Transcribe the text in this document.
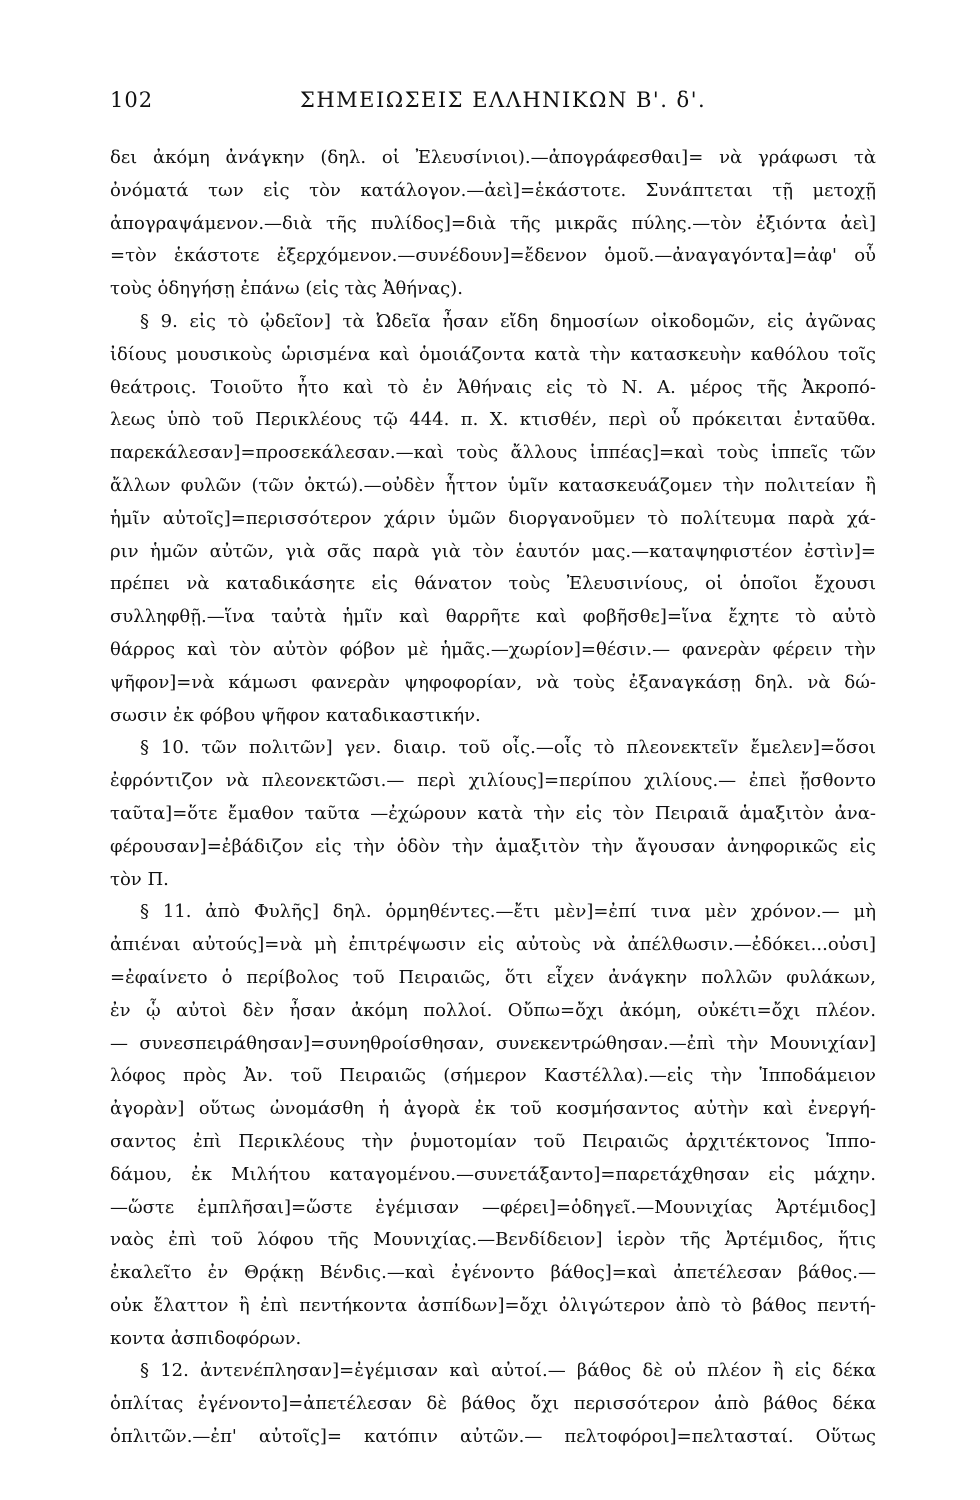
102	ΣΗΜΕΙΩΣΕΙΣ ΕΛΛΗΝΙΚΩΝ Β'. δ'.
δει ἀκόμη ἀνάγκην (δηλ. οἱ Ἐλευσίνιοι).—ἀπογράφεσθαι]= νὰ γράφωσι τὰ
ὀνόματά των εἰς τὸν κατάλογον.—ἀεὶ]=ἑκάστοτε. Συνάπτεται τῇ μετοχῇ
ἀπογραψάμενον.—διὰ τῆς πυλίδος]=διὰ τῆς μικρᾶς πύλης.—τὸν ἐξιόντα ἀεὶ]
=τὸν ἑκάστοτε ἐξερχόμενον.—συνέδουν]=ἔδενον ὁμοῦ.—ἀναγαγόντα]=ἀφ' οὗ
τοὺς ὁδηγήσῃ ἐπάνω (εἰς τὰς Ἀθήνας).
§ 9. εἰς τὸ ᾠδεῖον] τὰ Ὠδεῖα ἦσαν εἴδη δημοσίων οἰκοδομῶν, εἰς ἀγῶνας
ἰδίους μουσικοὺς ὡρισμένα καὶ ὁμοιάζοντα κατὰ τὴν κατασκευὴν καθόλου τοῖς
θεάτροις. Τοιοῦτο ἦτο καὶ τὸ ἐν Ἀθήναις εἰς τὸ Ν. Α. μέρος τῆς Ἀκροπό-
λεως ὑπὸ τοῦ Περικλέους τῷ 444. π. Χ. κτισθέν, περὶ οὗ πρόκειται ἐνταῦθα.
παρεκάλεσαν]=προσεκάλεσαν.—καὶ τοὺς ἄλλους ἱππέας]=καὶ τοὺς ἱππεῖς τῶν
ἄλλων φυλῶν (τῶν ὀκτώ).—οὐδὲν ἧττον ὑμῖν κατασκευάζομεν τὴν πολιτείαν ἢ
ἡμῖν αὐτοῖς]=περισσότερον χάριν ὑμῶν διοργανοῦμεν τὸ πολίτευμα παρὰ χά-
ριν ἡμῶν αὐτῶν, γιὰ σᾶς παρὰ γιὰ τὸν ἑαυτόν μας.—καταψηφιστέον ἐστὶν]=
πρέπει νὰ καταδικάσητε εἰς θάνατον τοὺς Ἐλευσινίους, οἱ ὁποῖοι ἔχουσι
συλληφθῇ.—ἵνα ταὐτὰ ἡμῖν καὶ θαρρῆτε καὶ φοβῆσθε]=ἵνα ἔχητε τὸ αὐτὸ
θάρρος καὶ τὸν αὐτὸν φόβον μὲ ἡμᾶς.—χωρίον]=θέσιν.— φανερὰν φέρειν τὴν
ψῆφον]=νὰ κάμωσι φανερὰν ψηφοφορίαν, νὰ τοὺς ἐξαναγκάσῃ δηλ. νὰ δώ-
σωσιν ἐκ φόβου ψῆφον καταδικαστικήν.
§ 10. τῶν πολιτῶν] γεν. διαιρ. τοῦ οἷς.—οἷς τὸ πλεονεκτεῖν ἔμελεν]=ὅσοι
ἐφρόντιζον νὰ πλεονεκτῶσι.— περὶ χιλίους]=περίπου χιλίους.— ἐπεὶ ᾔσθοντο
ταῦτα]=ὅτε ἔμαθον ταῦτα —ἐχώρουν κατὰ τὴν εἰς τὸν Πειραιᾶ ἁμαξιτὸν ἀνα-
φέρουσαν]=ἐβάδιζον εἰς τὴν ὁδὸν τὴν ἁμαξιτὸν τὴν ἄγουσαν ἀνηφορικῶς εἰς
τὸν Π.
§ 11. ἀπὸ Φυλῆς] δηλ. ὁρμηθέντες.—ἔτι μὲν]=ἐπί τινα μὲν χρόνον.— μὴ
ἀπιέναι αὐτούς]=νὰ μὴ ἐπιτρέψωσιν εἰς αὐτοὺς νὰ ἀπέλθωσιν.—ἐδόκει...οὐσι]
=ἐφαίνετο ὁ περίβολος τοῦ Πειραιῶς, ὅτι εἶχεν ἀνάγκην πολλῶν φυλάκων,
ἐν ᾧ αὐτοὶ δὲν ἦσαν ἀκόμη πολλοί. Οὔπω=ὄχι ἀκόμη, οὐκέτι=ὄχι πλέον.
— συνεσπειράθησαν]=συνηθροίσθησαν, συνεκεντρώθησαν.—ἐπὶ τὴν Μουνιχίαν]
λόφος πρὸς Ἀν. τοῦ Πειραιῶς (σήμερον Καστέλλα).—εἰς τὴν Ἱπποδάμειον
ἀγορὰν] οὕτως ὠνομάσθη ἡ ἀγορὰ ἐκ τοῦ κοσμήσαντος αὐτὴν καὶ ἐνεργή-
σαντος ἐπὶ Περικλέους τὴν ῥυμοτομίαν τοῦ Πειραιῶς ἀρχιτέκτονος Ἱππο-
δάμου, ἐκ Μιλήτου καταγομένου.—συνετάξαντο]=παρετάχθησαν εἰς μάχην.
—ὥστε ἐμπλῆσαι]=ὥστε ἐγέμισαν —φέρει]=ὁδηγεῖ.—Μουνιχίας Ἀρτέμιδος]
ναὸς ἐπὶ τοῦ λόφου τῆς Μουνιχίας.—Βενδίδειον] ἱερὸν τῆς Ἀρτέμιδος, ἥτις
ἐκαλεῖτο ἐν Θρᾴκῃ Βένδις.—καὶ ἐγένοντο βάθος]=καὶ ἀπετέλεσαν βάθος.—
οὐκ ἔλαττον ἢ ἐπὶ πεντήκοντα ἀσπίδων]=ὄχι ὀλιγώτερον ἀπὸ τὸ βάθος πεντή-
κοντα ἀσπιδοφόρων.
§ 12. ἀντενέπλησαν]=ἐγέμισαν καὶ αὐτοί.— βάθος δὲ οὐ πλέον ἢ εἰς δέκα
ὁπλίτας ἐγένοντο]=ἀπετέλεσαν δὲ βάθος ὄχι περισσότερον ἀπὸ βάθος δέκα
ὁπλιτῶν.—ἐπ' αὐτοῖς]= κατόπιν αὐτῶν.— πελτοφόροι]=πελτασταί. Οὕτως
